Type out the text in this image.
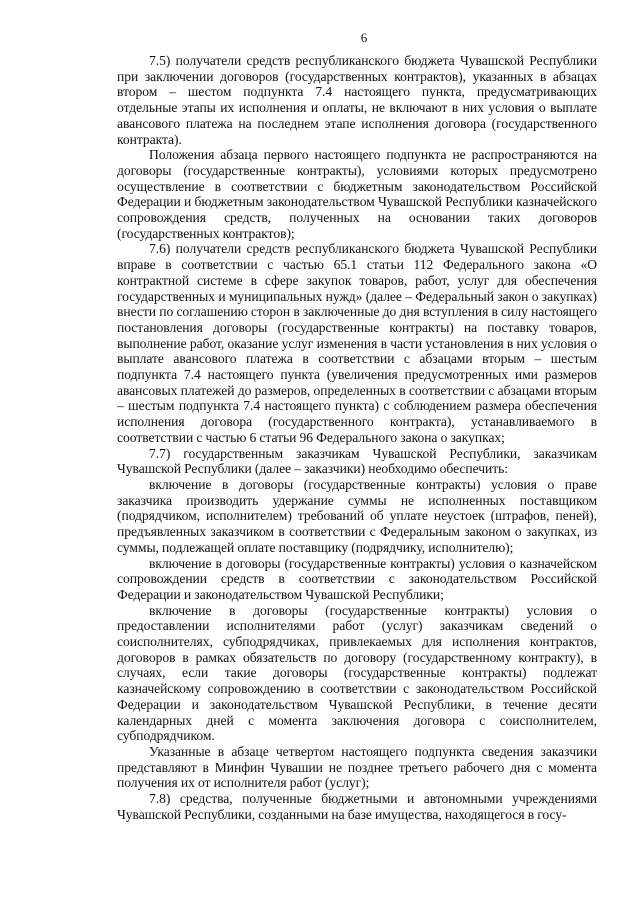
6

7.5) получатели средств республиканского бюджета Чувашской Республики при заключении договоров (государственных контрактов), указанных в абзацах втором – шестом подпункта 7.4 настоящего пункта, предусматривающих отдельные этапы их исполнения и оплаты, не включают в них условия о выплате авансового платежа на последнем этапе исполнения договора (государственного контракта).

Положения абзаца первого настоящего подпункта не распространяются на договоры (государственные контракты), условиями которых предусмотрено осуществление в соответствии с бюджетным законодательством Российской Федерации и бюджетным законодательством Чувашской Республики казначейского сопровождения средств, полученных на основании таких договоров (государственных контрактов);

7.6) получатели средств республиканского бюджета Чувашской Республики вправе в соответствии с частью 65.1 статьи 112 Федерального закона «О контрактной системе в сфере закупок товаров, работ, услуг для обеспечения государственных и муниципальных нужд» (далее – Федеральный закон о закупках) внести по соглашению сторон в заключенные до дня вступления в силу настоящего постановления договоры (государственные контракты) на поставку товаров, выполнение работ, оказание услуг изменения в части установления в них условия о выплате авансового платежа в соответствии с абзацами вторым – шестым подпункта 7.4 настоящего пункта (увеличения предусмотренных ими размеров авансовых платежей до размеров, определенных в соответствии с абзацами вторым – шестым подпункта 7.4 настоящего пункта) с соблюдением размера обеспечения исполнения договора (государственного контракта), устанавливаемого в соответствии с частью 6 статьи 96 Федерального закона о закупках;

7.7) государственным заказчикам Чувашской Республики, заказчикам Чувашской Республики (далее – заказчики) необходимо обеспечить:

включение в договоры (государственные контракты) условия о праве заказчика производить удержание суммы не исполненных поставщиком (подрядчиком, исполнителем) требований об уплате неустоек (штрафов, пеней), предъявленных заказчиком в соответствии с Федеральным законом о закупках, из суммы, подлежащей оплате поставщику (подрядчику, исполнителю);

включение в договоры (государственные контракты) условия о казначейском сопровождении средств в соответствии с законодательством Российской Федерации и законодательством Чувашской Республики;

включение в договоры (государственные контракты) условия о предоставлении исполнителями работ (услуг) заказчикам сведений о соисполнителях, субподрядчиках, привлекаемых для исполнения контрактов, договоров в рамках обязательств по договору (государственному контракту), в случаях, если такие договоры (государственные контракты) подлежат казначейскому сопровождению в соответствии с законодательством Российской Федерации и законодательством Чувашской Республики, в течение десяти календарных дней с момента заключения договора с соисполнителем, субподрядчиком.

Указанные в абзаце четвертом настоящего подпункта сведения заказчики представляют в Минфин Чувашии не позднее третьего рабочего дня с момента получения их от исполнителя работ (услуг);

7.8) средства, полученные бюджетными и автономными учреждениями Чувашской Республики, созданными на базе имущества, находящегося в госу-
